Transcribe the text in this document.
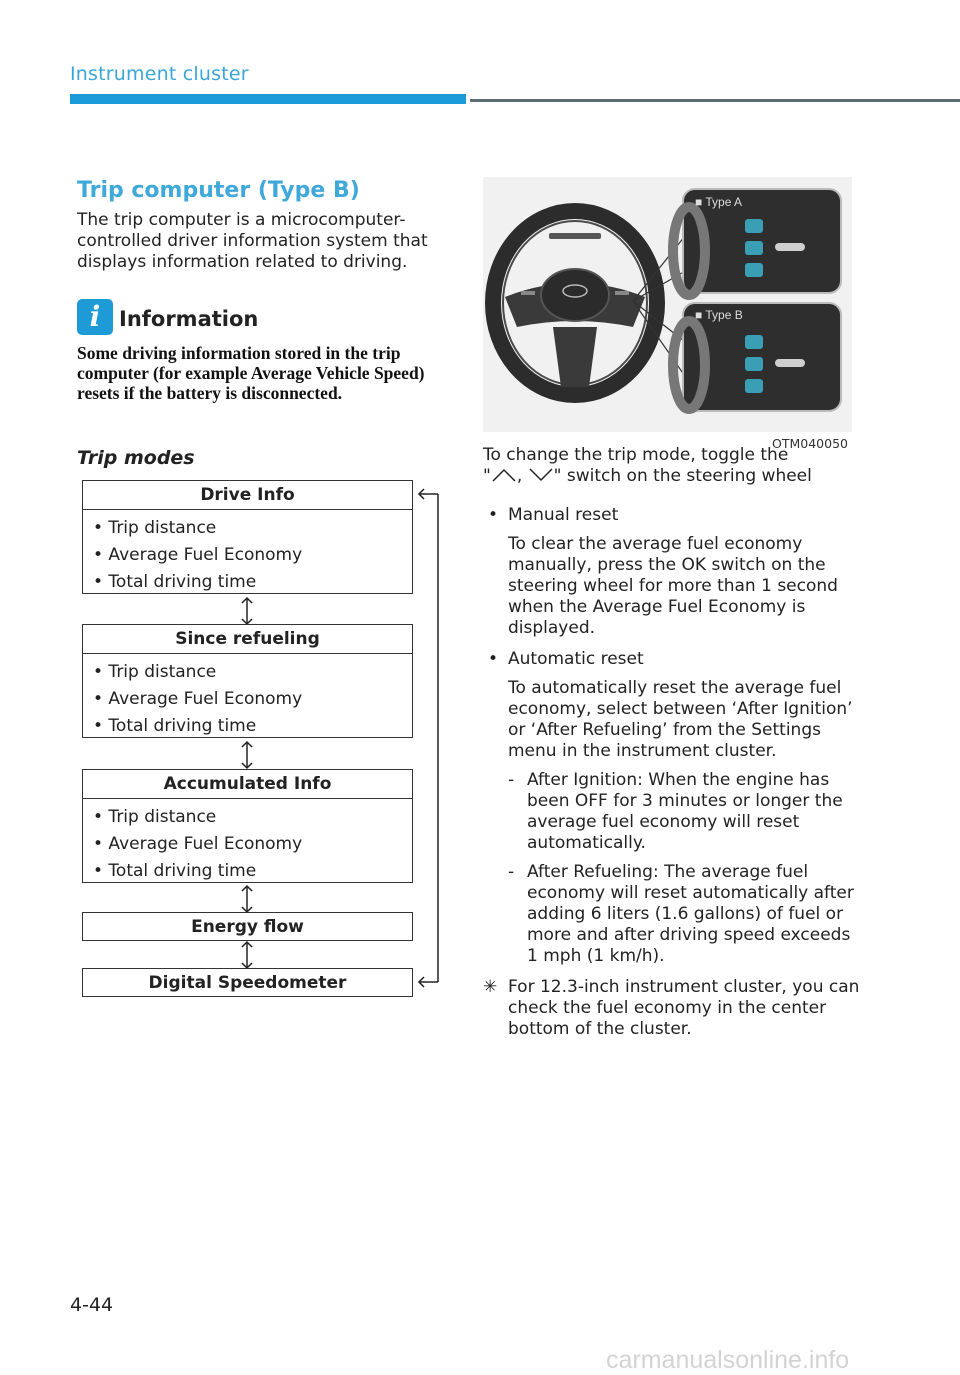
Instrument cluster
Trip computer (Type B)
The trip computer is a microcomputer-controlled driver information system that displays information related to driving.
i Information
Some driving information stored in the trip computer (for example Average Vehicle Speed) resets if the battery is disconnected.
Trip modes
Drive Info
• Trip distance
• Average Fuel Economy
• Total driving time
Since refueling
• Trip distance
• Average Fuel Economy
• Total driving time
Accumulated Info
• Trip distance
• Average Fuel Economy
• Total driving time
Energy flow
Digital Speedometer
■ Type A
■ Type B
OTM040050

To change the trip mode, toggle the
" , " switch on the steering wheel

• Manual reset

To clear the average fuel economy manually, press the OK switch on the steering wheel for more than 1 second when the Average Fuel Economy is displayed.

• Automatic reset

To automatically reset the average fuel economy, select between ‘After Ignition’ or ‘After Refueling’ from the Settings menu in the instrument cluster.

- After Ignition: When the engine has been OFF for 3 minutes or longer the average fuel economy will reset automatically.

- After Refueling: The average fuel economy will reset automatically after adding 6 liters (1.6 gallons) of fuel or more and after driving speed exceeds 1 mph (1 km/h).

✳ For 12.3-inch instrument cluster, you can check the fuel economy in the center bottom of the cluster.

4-44
carmanualsonline.info
